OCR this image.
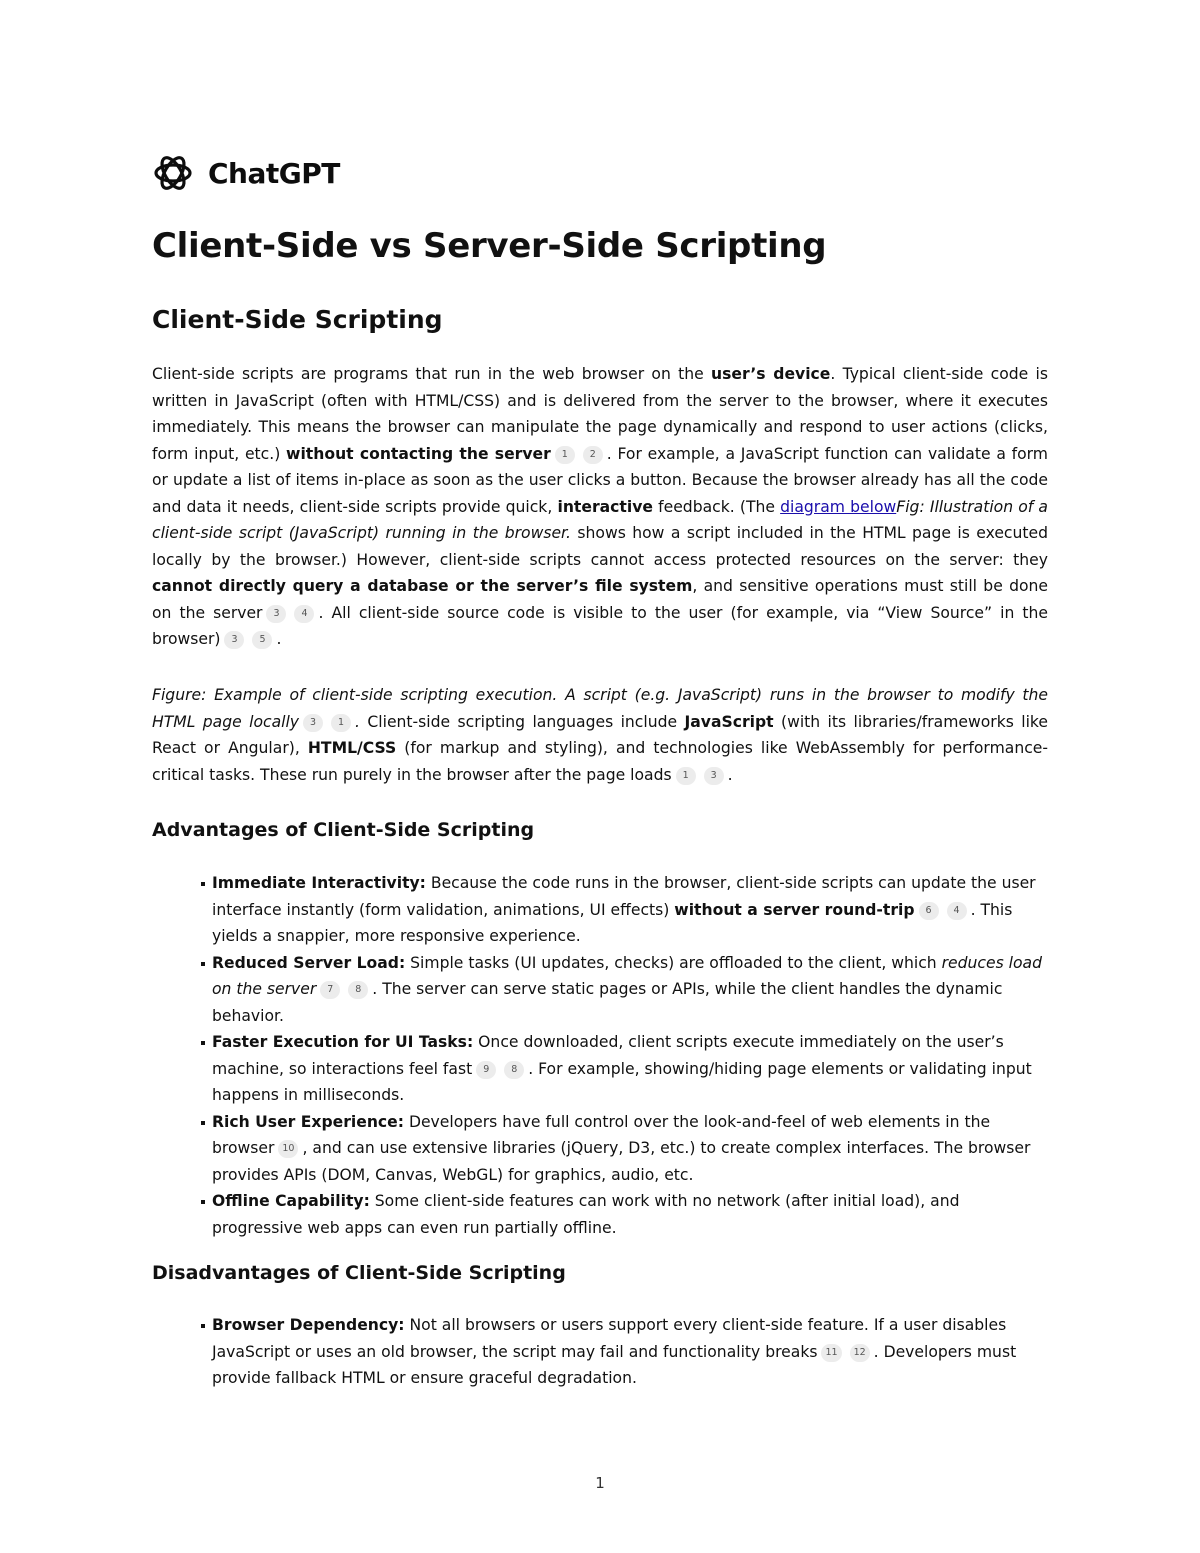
ChatGPT
Client-Side vs Server-Side Scripting
Client-Side Scripting

Client-side scripts are programs that run in the web browser on the user’s device. Typical client-side code is written in JavaScript (often with HTML/CSS) and is delivered from the server to the browser, where it executes immediately. This means the browser can manipulate the page dynamically and respond to user actions (clicks, form input, etc.) without contacting the server 1 2 . For example, a JavaScript function can validate a form or update a list of items in-place as soon as the user clicks a button. Because the browser already has all the code and data it needs, client-side scripts provide quick, interactive feedback. (The diagram belowFig: Illustration of a client-side script (JavaScript) running in the browser. shows how a script included in the HTML page is executed locally by the browser.) However, client-side scripts cannot access protected resources on the server: they cannot directly query a database or the server’s file system, and sensitive operations must still be done on the server 3 4 . All client-side source code is visible to the user (for example, via “View Source” in the browser) 3 5 .

Figure: Example of client-side scripting execution. A script (e.g. JavaScript) runs in the browser to modify the HTML page locally 3 1 . Client-side scripting languages include JavaScript (with its libraries/frameworks like React or Angular), HTML/CSS (for markup and styling), and technologies like WebAssembly for performance-critical tasks. These run purely in the browser after the page loads 1 3 .

Advantages of Client-Side Scripting
Immediate Interactivity: Because the code runs in the browser, client-side scripts can update the user interface instantly (form validation, animations, UI effects) without a server round-trip 6 4 . This yields a snappier, more responsive experience.
Reduced Server Load: Simple tasks (UI updates, checks) are offloaded to the client, which reduces load on the server 7 8 . The server can serve static pages or APIs, while the client handles the dynamic behavior.
Faster Execution for UI Tasks: Once downloaded, client scripts execute immediately on the user’s machine, so interactions feel fast 9 8 . For example, showing/hiding page elements or validating input happens in milliseconds.
Rich User Experience: Developers have full control over the look-and-feel of web elements in the browser 10 , and can use extensive libraries (jQuery, D3, etc.) to create complex interfaces. The browser provides APIs (DOM, Canvas, WebGL) for graphics, audio, etc.
Offline Capability: Some client-side features can work with no network (after initial load), and progressive web apps can even run partially offline.
Disadvantages of Client-Side Scripting
Browser Dependency: Not all browsers or users support every client-side feature. If a user disables JavaScript or uses an old browser, the script may fail and functionality breaks 11 12 . Developers must provide fallback HTML or ensure graceful degradation.
1
